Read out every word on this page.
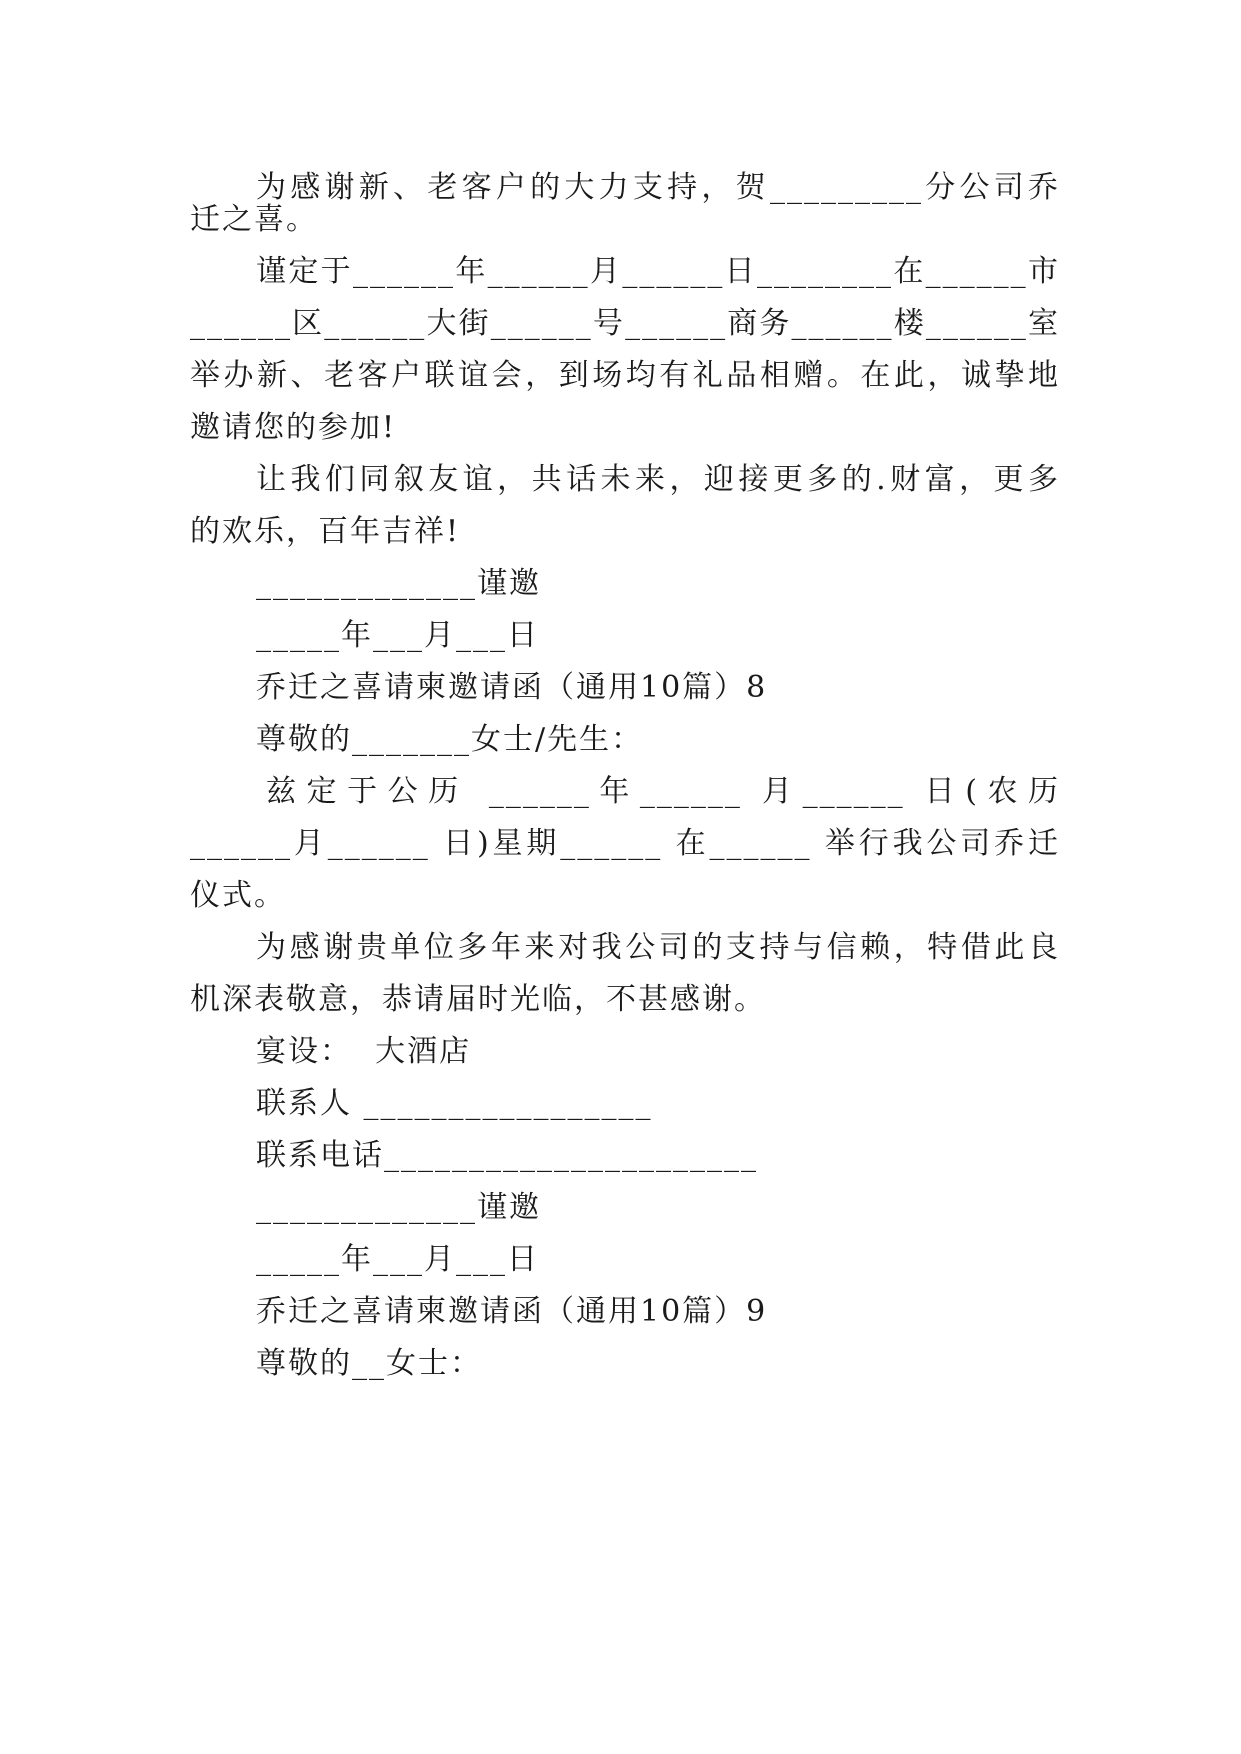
为感谢新、老客户的大力支持，贺_________分公司乔
迁之喜。
谨定于______年______月______日________在______市
______区______大街______号______商务______楼______室
举办新、老客户联谊会，到场均有礼品相赠。在此，诚挚地
邀请您的参加!
让我们同叙友谊，共话未来，迎接更多的.财富，更多
的欢乐，百年吉祥!
_____________谨邀
_____年___月___日
乔迁之喜请柬邀请函（通用10篇）8
尊敬的_______女士/先生：
兹定于公历 ______年______ 月______ 日(农历
______月______ 日)星期______ 在______ 举行我公司乔迁
仪式。
为感谢贵单位多年来对我公司的支持与信赖，特借此良
机深表敬意，恭请届时光临，不甚感谢。
宴设：  大酒店
联系人 _________________
联系电话______________________
_____________谨邀
_____年___月___日
乔迁之喜请柬邀请函（通用10篇）9
尊敬的__女士：
